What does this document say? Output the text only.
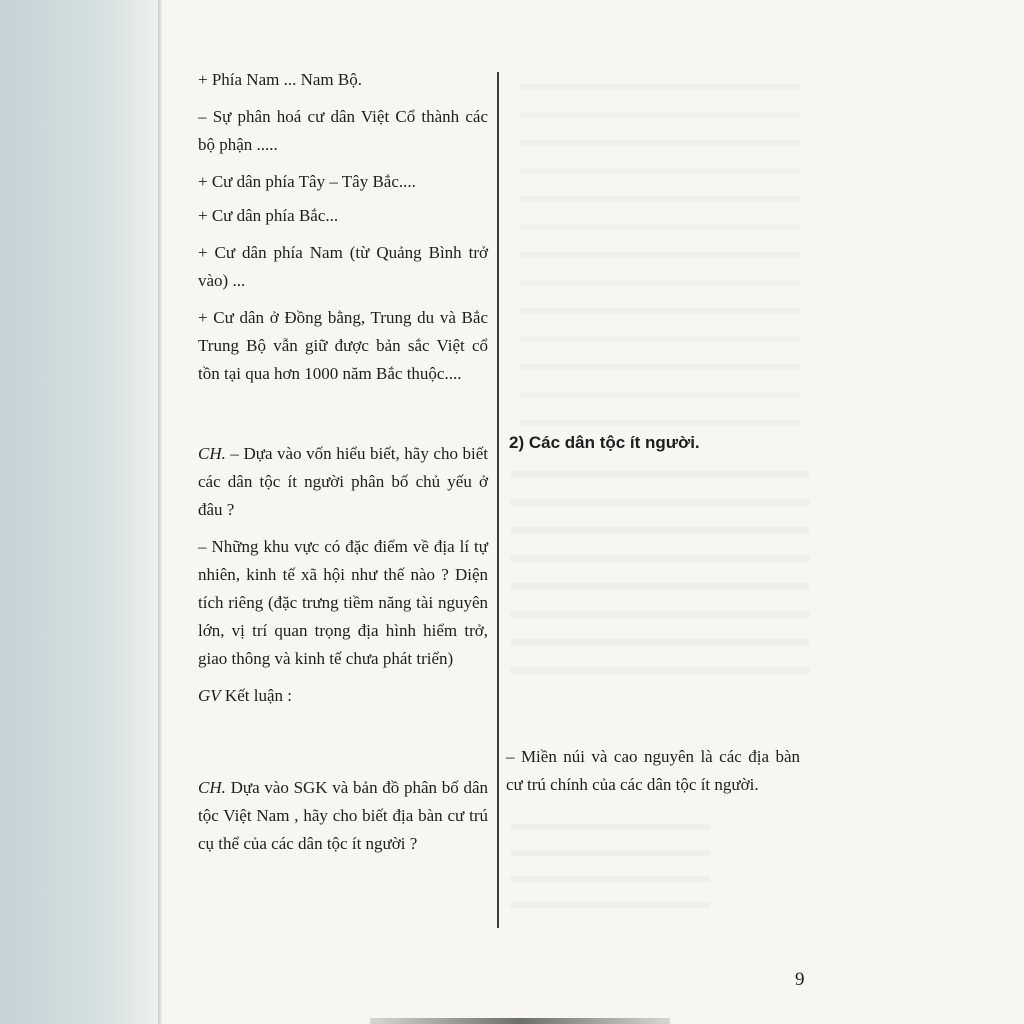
+ Phía Nam ... Nam Bộ.

– Sự phân hoá cư dân Việt Cổ thành các bộ phận .....

+ Cư dân phía Tây – Tây Bắc....

+ Cư dân phía Bắc...

+ Cư dân phía Nam (từ Quảng Bình trở vào) ...

+ Cư dân ở Đồng bằng, Trung du và Bắc Trung Bộ vẫn giữ được bản sắc Việt cổ tồn tại qua hơn 1000 năm Bắc thuộc....

CH. – Dựa vào vốn hiểu biết, hãy cho biết các dân tộc ít người phân bố chủ yếu ở đâu ?

– Những khu vực có đặc điểm về địa lí tự nhiên, kinh tế xã hội như thế nào ? Diện tích riêng (đặc trưng tiềm năng tài nguyên lớn, vị trí quan trọng địa hình hiểm trở, giao thông và kinh tế chưa phát triển)

GV Kết luận :

CH. Dựa vào SGK và bản đồ phân bố dân tộc Việt Nam , hãy cho biết địa bàn cư trú cụ thể của các dân tộc ít người ?

2) Các dân tộc ít người.

– Miền núi và cao nguyên là các địa bàn cư trú chính của các dân tộc ít người.

9
